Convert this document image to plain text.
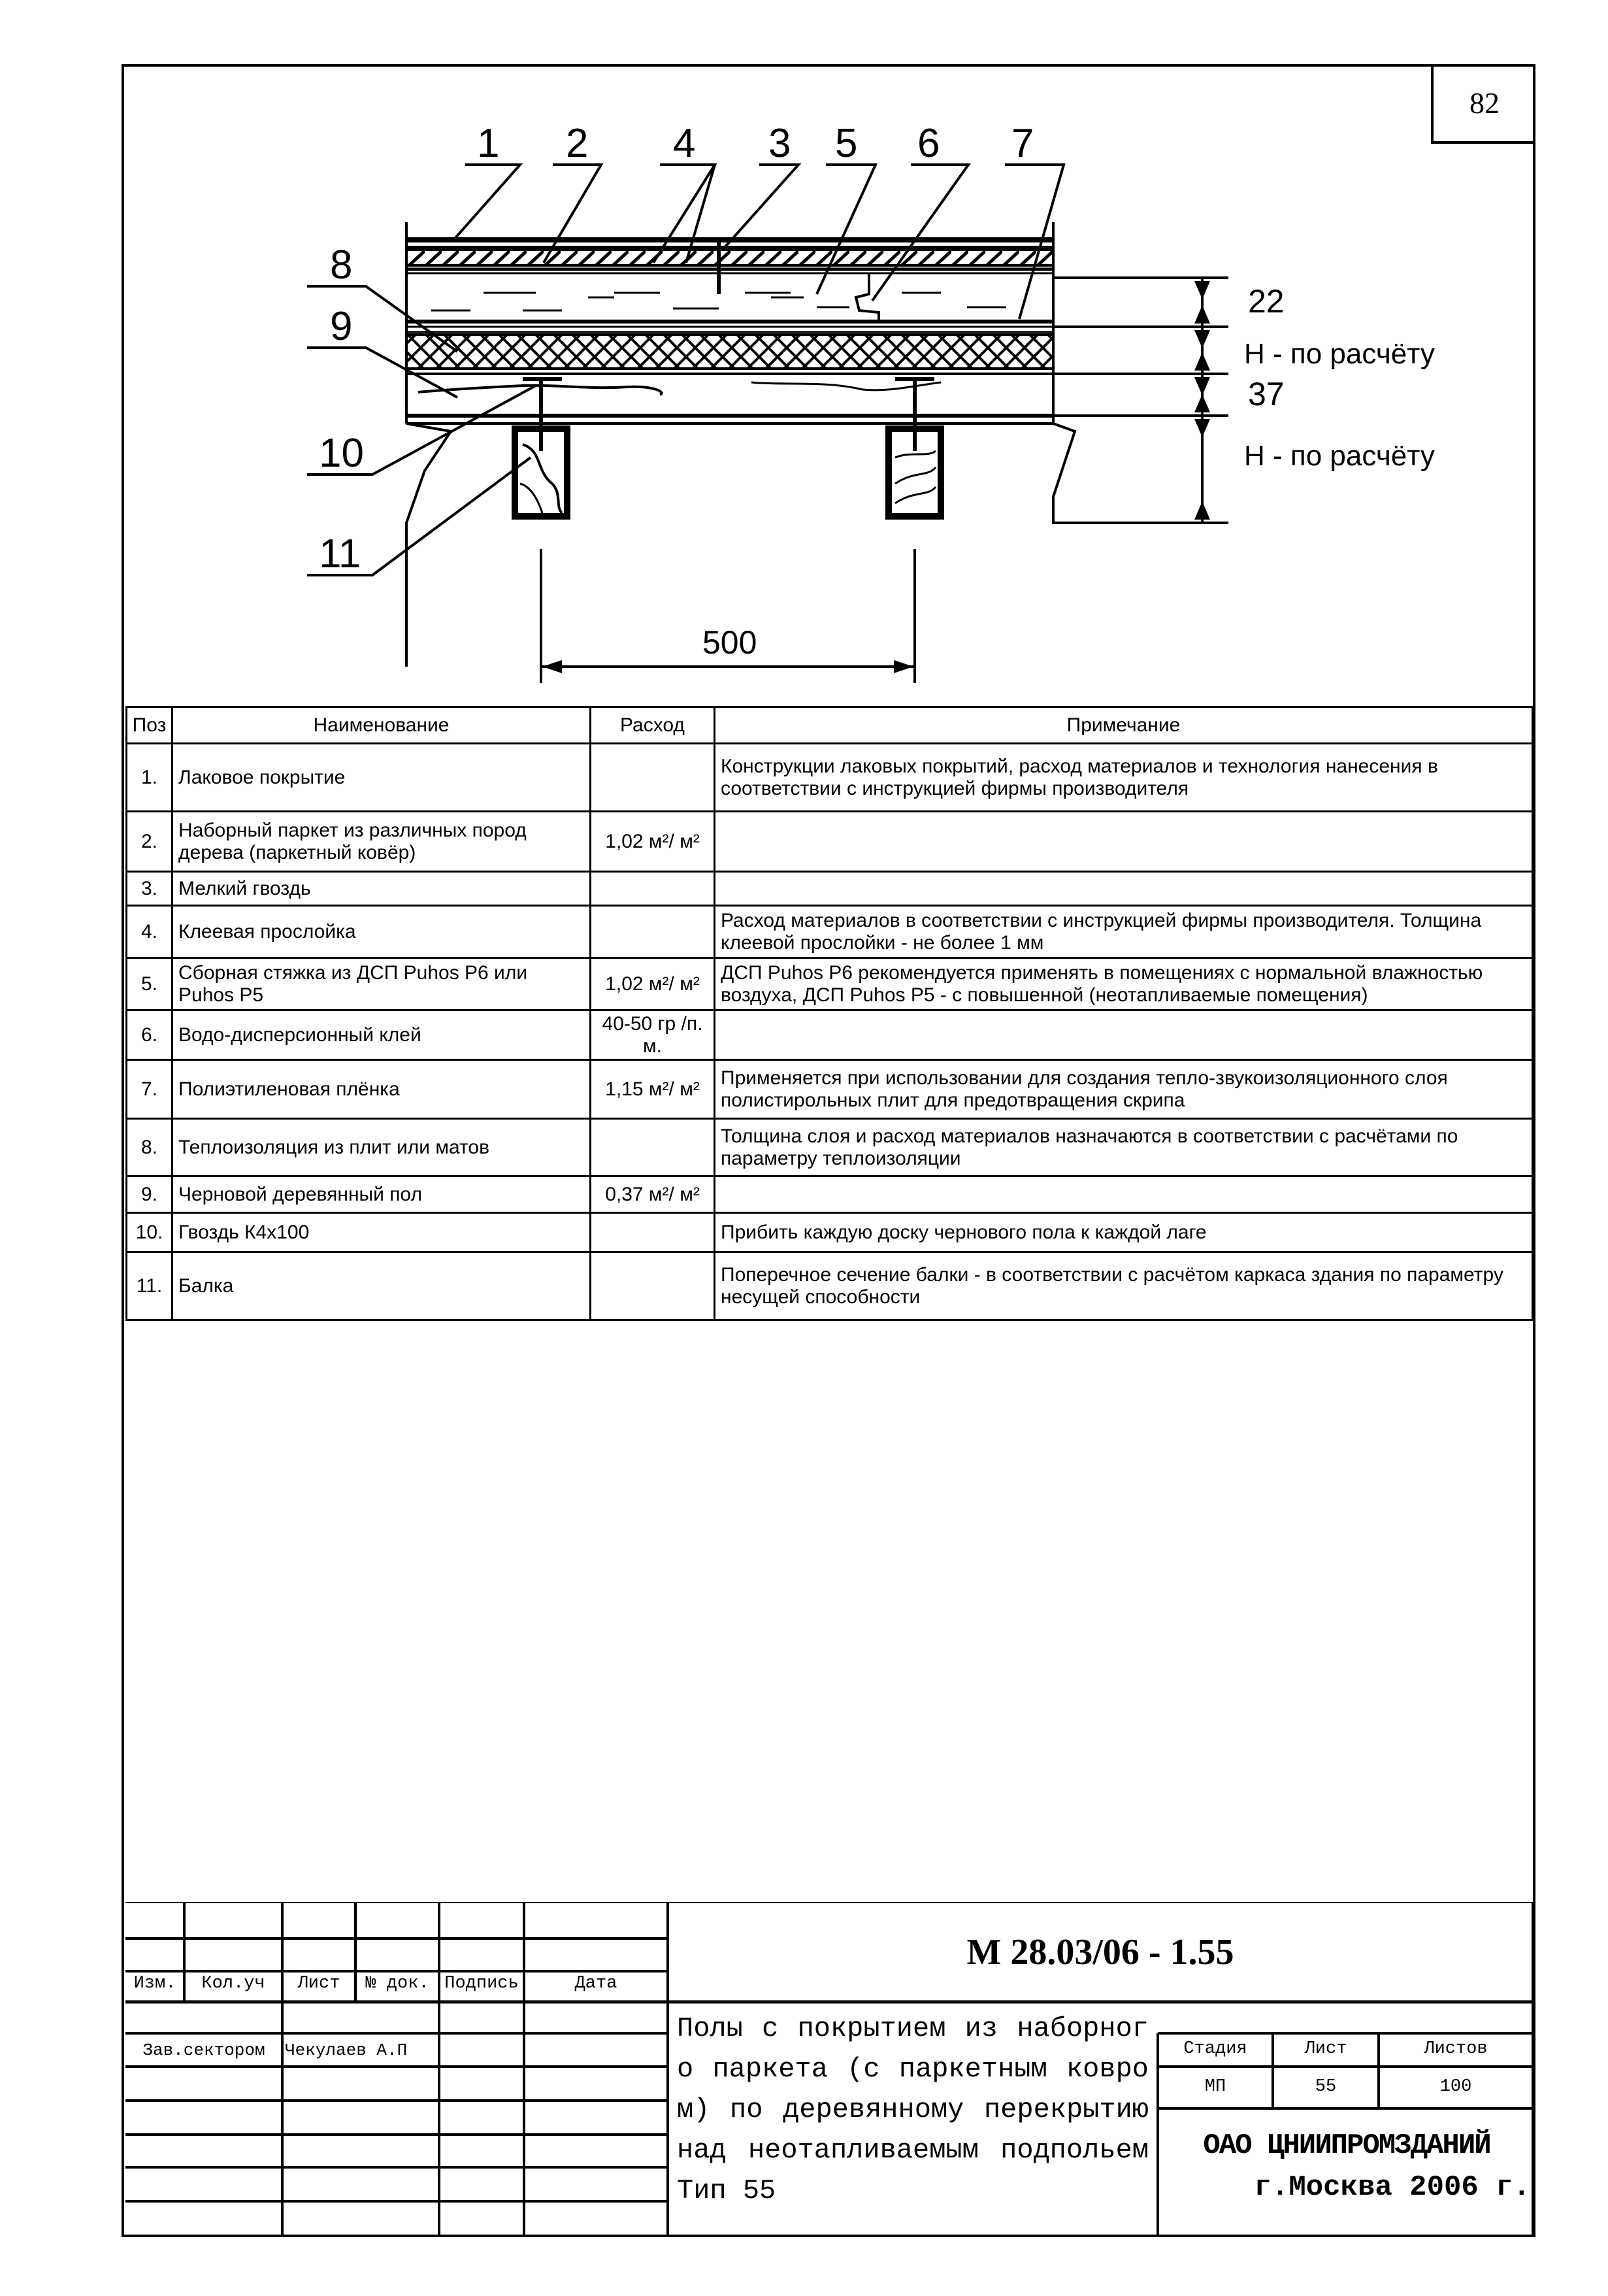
82
1 2 4 3 5 6 7
8
9
10
11
22
H - по расчёту
37
H - по расчёту
500
Поз	Наименование	Расход	Примечание
1.	Лаковое покрытие		Конструкции лаковых покрытий, расход материалов и технология нанесения в соответствии с инструкцией фирмы производителя
2.	Наборный паркет из различных пород дерева (паркетный ковёр)	1,02 м²/ м²	
3.	Мелкий гвоздь		
4.	Клеевая прослойка		Расход материалов в соответствии с инструкцией фирмы производителя. Толщина клеевой прослойки - не более 1 мм
5.	Сборная стяжка из ДСП Puhos P6 или Puhos P5	1,02 м²/ м²	ДСП Puhos P6 рекомендуется применять в помещениях с нормальной влажностью воздуха, ДСП Puhos P5 - с повышенной (неотапливаемые помещения)
6.	Водо-дисперсионный клей	40-50 гр /п. м.	
7.	Полиэтиленовая плёнка	1,15 м²/ м²	Применяется при использовании для создания тепло-звукоизоляционного слоя полистирольных плит для предотвращения скрипа
8.	Теплоизоляция из плит или матов		Толщина слоя и расход материалов назначаются в соответствии с расчётами по параметру теплоизоляции
9.	Черновой деревянный пол	0,37 м²/ м²	
10.	Гвоздь К4х100		Прибить каждую доску чернового пола к каждой лаге
11.	Балка		Поперечное сечение балки - в соответствии с расчётом каркаса здания по параметру несущей способности
М 28.03/06 - 1.55
Изм.	Кол.уч	Лист	№ док. Подпись	Дата
Зав.сектором	Чекулаев А.П
Полы с покрытием из наборного паркета (с паркетным ковром) по деревянному перекрытию над неотапливаемым подпольем Тип 55
Стадия	Лист	Листов
МП	55	100
ОАО ЦНИИПРОМЗДАНИЙ
г.Москва 2006 г.
